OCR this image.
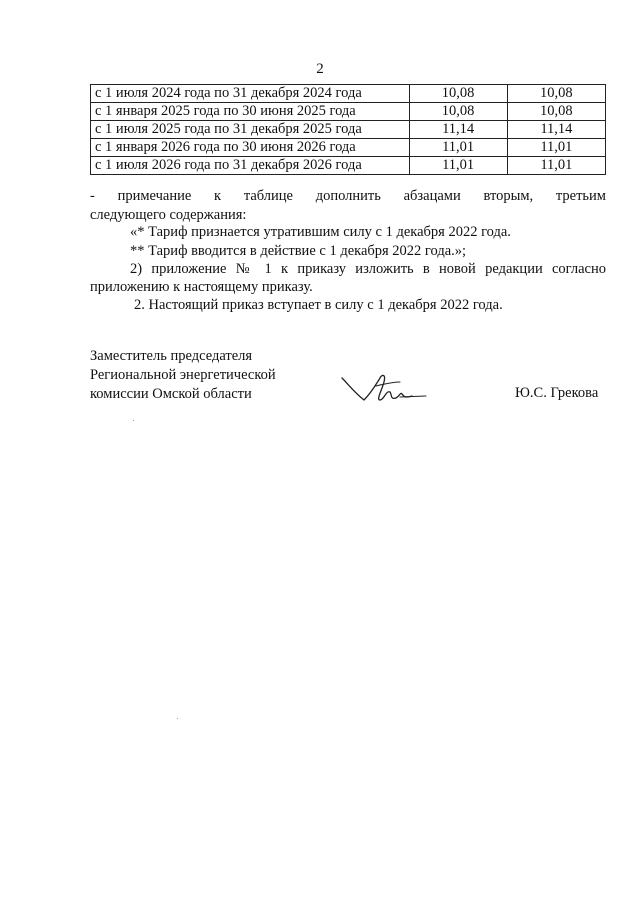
2
с 1 июля 2024 года по 31 декабря 2024 года	10,08	10,08
с 1 января 2025 года по 30 июня 2025 года	10,08	10,08
с 1 июля 2025 года по 31 декабря 2025 года	11,14	11,14
с 1 января 2026 года по 30 июня 2026 года	11,01	11,01
с 1 июля 2026 года по 31 декабря 2026 года	11,01	11,01
- примечание к таблице дополнить абзацами вторым, третьим
следующего содержания:
«* Тариф признается утратившим силу с 1 декабря 2022 года.
** Тариф вводится в действие с 1 декабря 2022 года.»;
2) приложение № 1 к приказу изложить в новой редакции согласно
приложению к настоящему приказу.
2. Настоящий приказ вступает в силу с 1 декабря 2022 года.
Заместитель председателя
Региональной энергетической
комиссии Омской области	Ю.С. Грекова
